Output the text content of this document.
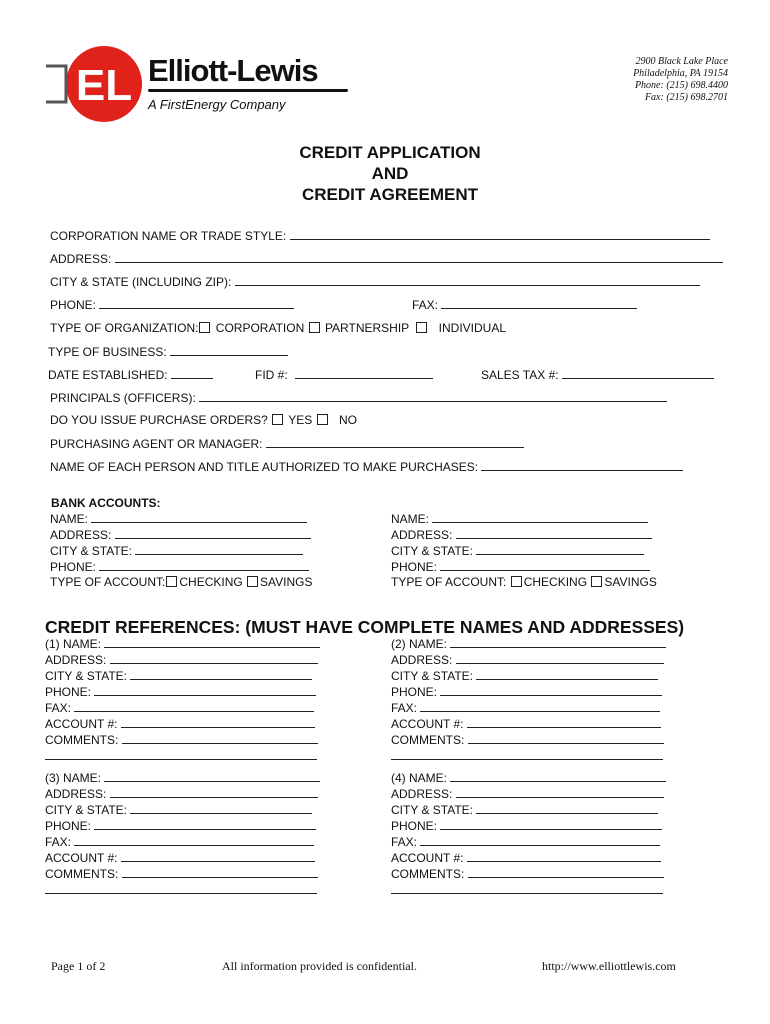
EL Elliott-Lewis
A FirstEnergy Company
2900 Black Lake Place
Philadelphia, PA 19154
Phone: (215) 698.4400
Fax: (215) 698.2701
CREDIT APPLICATION
AND
CREDIT AGREEMENT
CORPORATION NAME OR TRADE STYLE:
ADDRESS:
CITY & STATE (INCLUDING ZIP):
PHONE:	FAX:
TYPE OF ORGANIZATION: CORPORATION PARTNERSHIP INDIVIDUAL
TYPE OF BUSINESS:
DATE ESTABLISHED:	FID #:	SALES TAX #:
PRINCIPALS (OFFICERS):
DO YOU ISSUE PURCHASE ORDERS? YES NO
PURCHASING AGENT OR MANAGER:
NAME OF EACH PERSON AND TITLE AUTHORIZED TO MAKE PURCHASES:
BANK ACCOUNTS:
NAME:
ADDRESS:
CITY & STATE:
PHONE:
TYPE OF ACCOUNT: CHECKING SAVINGS
NAME:
ADDRESS:
CITY & STATE:
PHONE:
TYPE OF ACCOUNT: CHECKING SAVINGS
CREDIT REFERENCES: (MUST HAVE COMPLETE NAMES AND ADDRESSES)
(1) NAME:
ADDRESS:
CITY & STATE:
PHONE:
FAX:
ACCOUNT #:
COMMENTS:
(2) NAME:
ADDRESS:
CITY & STATE:
PHONE:
FAX:
ACCOUNT #:
COMMENTS:
(3) NAME:
ADDRESS:
CITY & STATE:
PHONE:
FAX:
ACCOUNT #:
COMMENTS:
(4) NAME:
ADDRESS:
CITY & STATE:
PHONE:
FAX:
ACCOUNT #:
COMMENTS:
Page 1 of 2	All information provided is confidential.	http://www.elliottlewis.com
